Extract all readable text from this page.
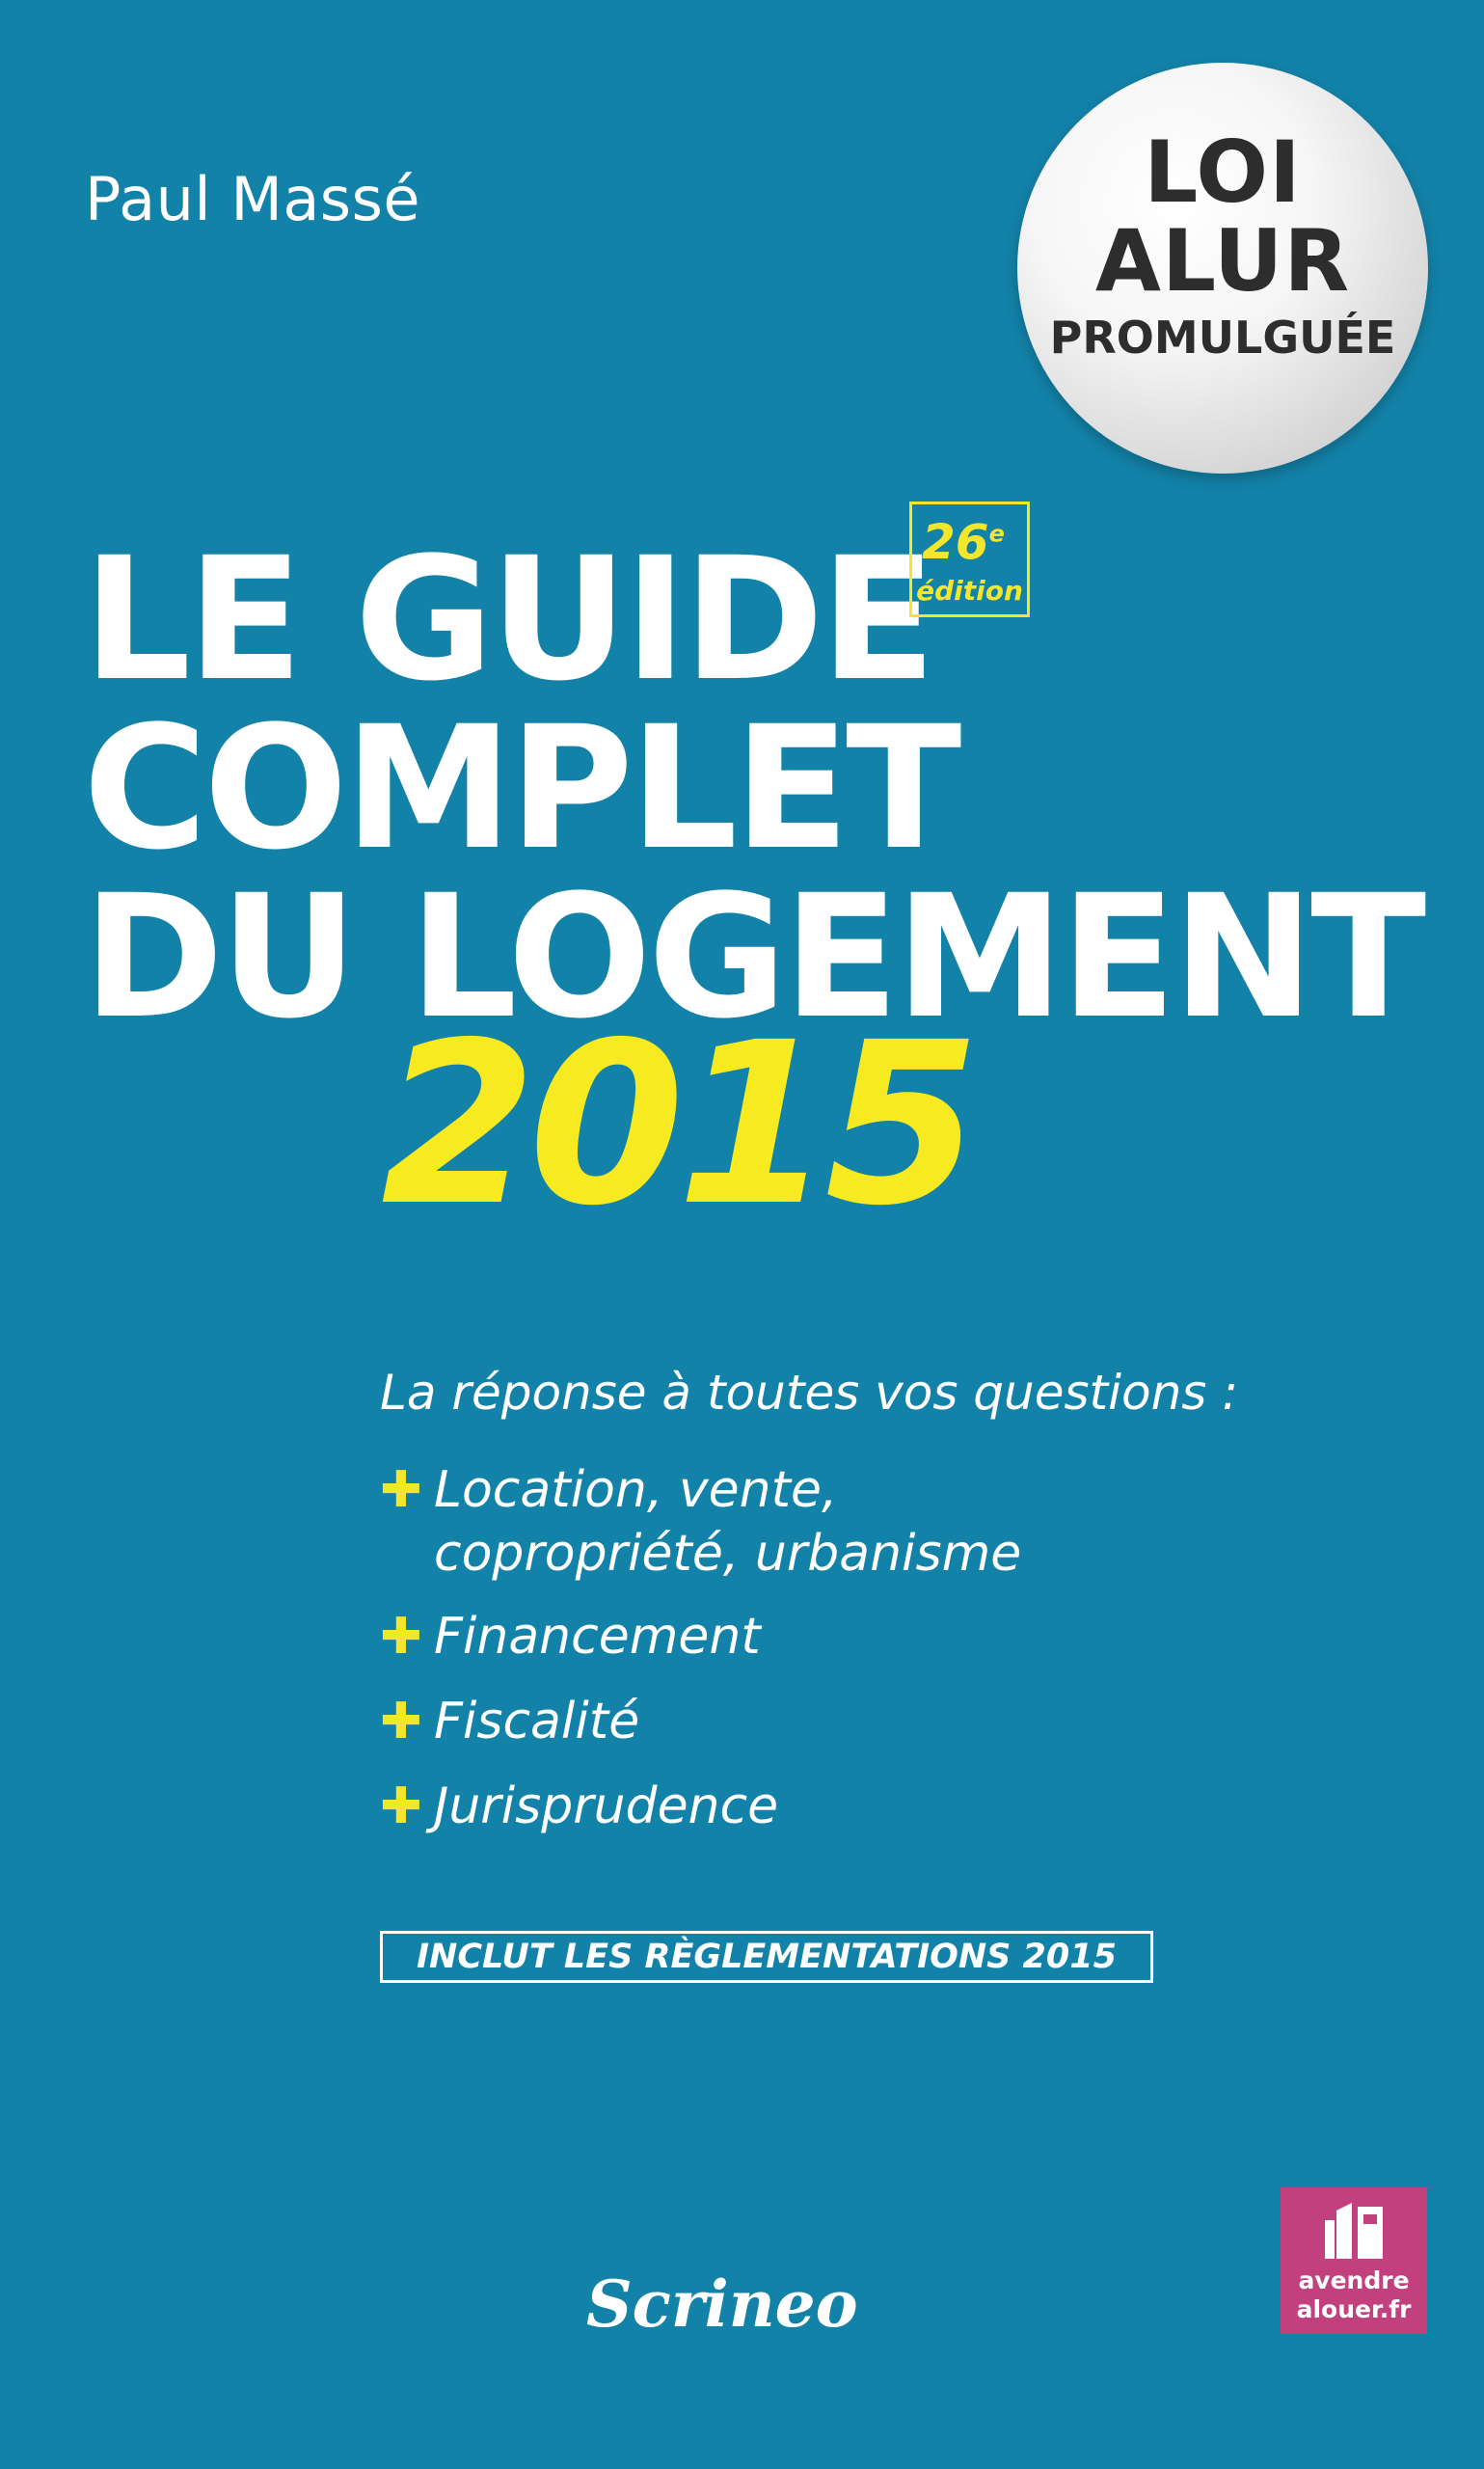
Paul Massé	LOI
ALUR
PROMULGUÉE
LE GUIDE
COMPLET
DU LOGEMENT
26e
édition
2015
La réponse à toutes vos questions :
✚ Location, vente,
copropriété, urbanisme
✚ Financement
✚ Fiscalité
✚ Jurisprudence
INCLUT LES RÈGLEMENTATIONS 2015
Scrineo	avendre
alouer.fr
